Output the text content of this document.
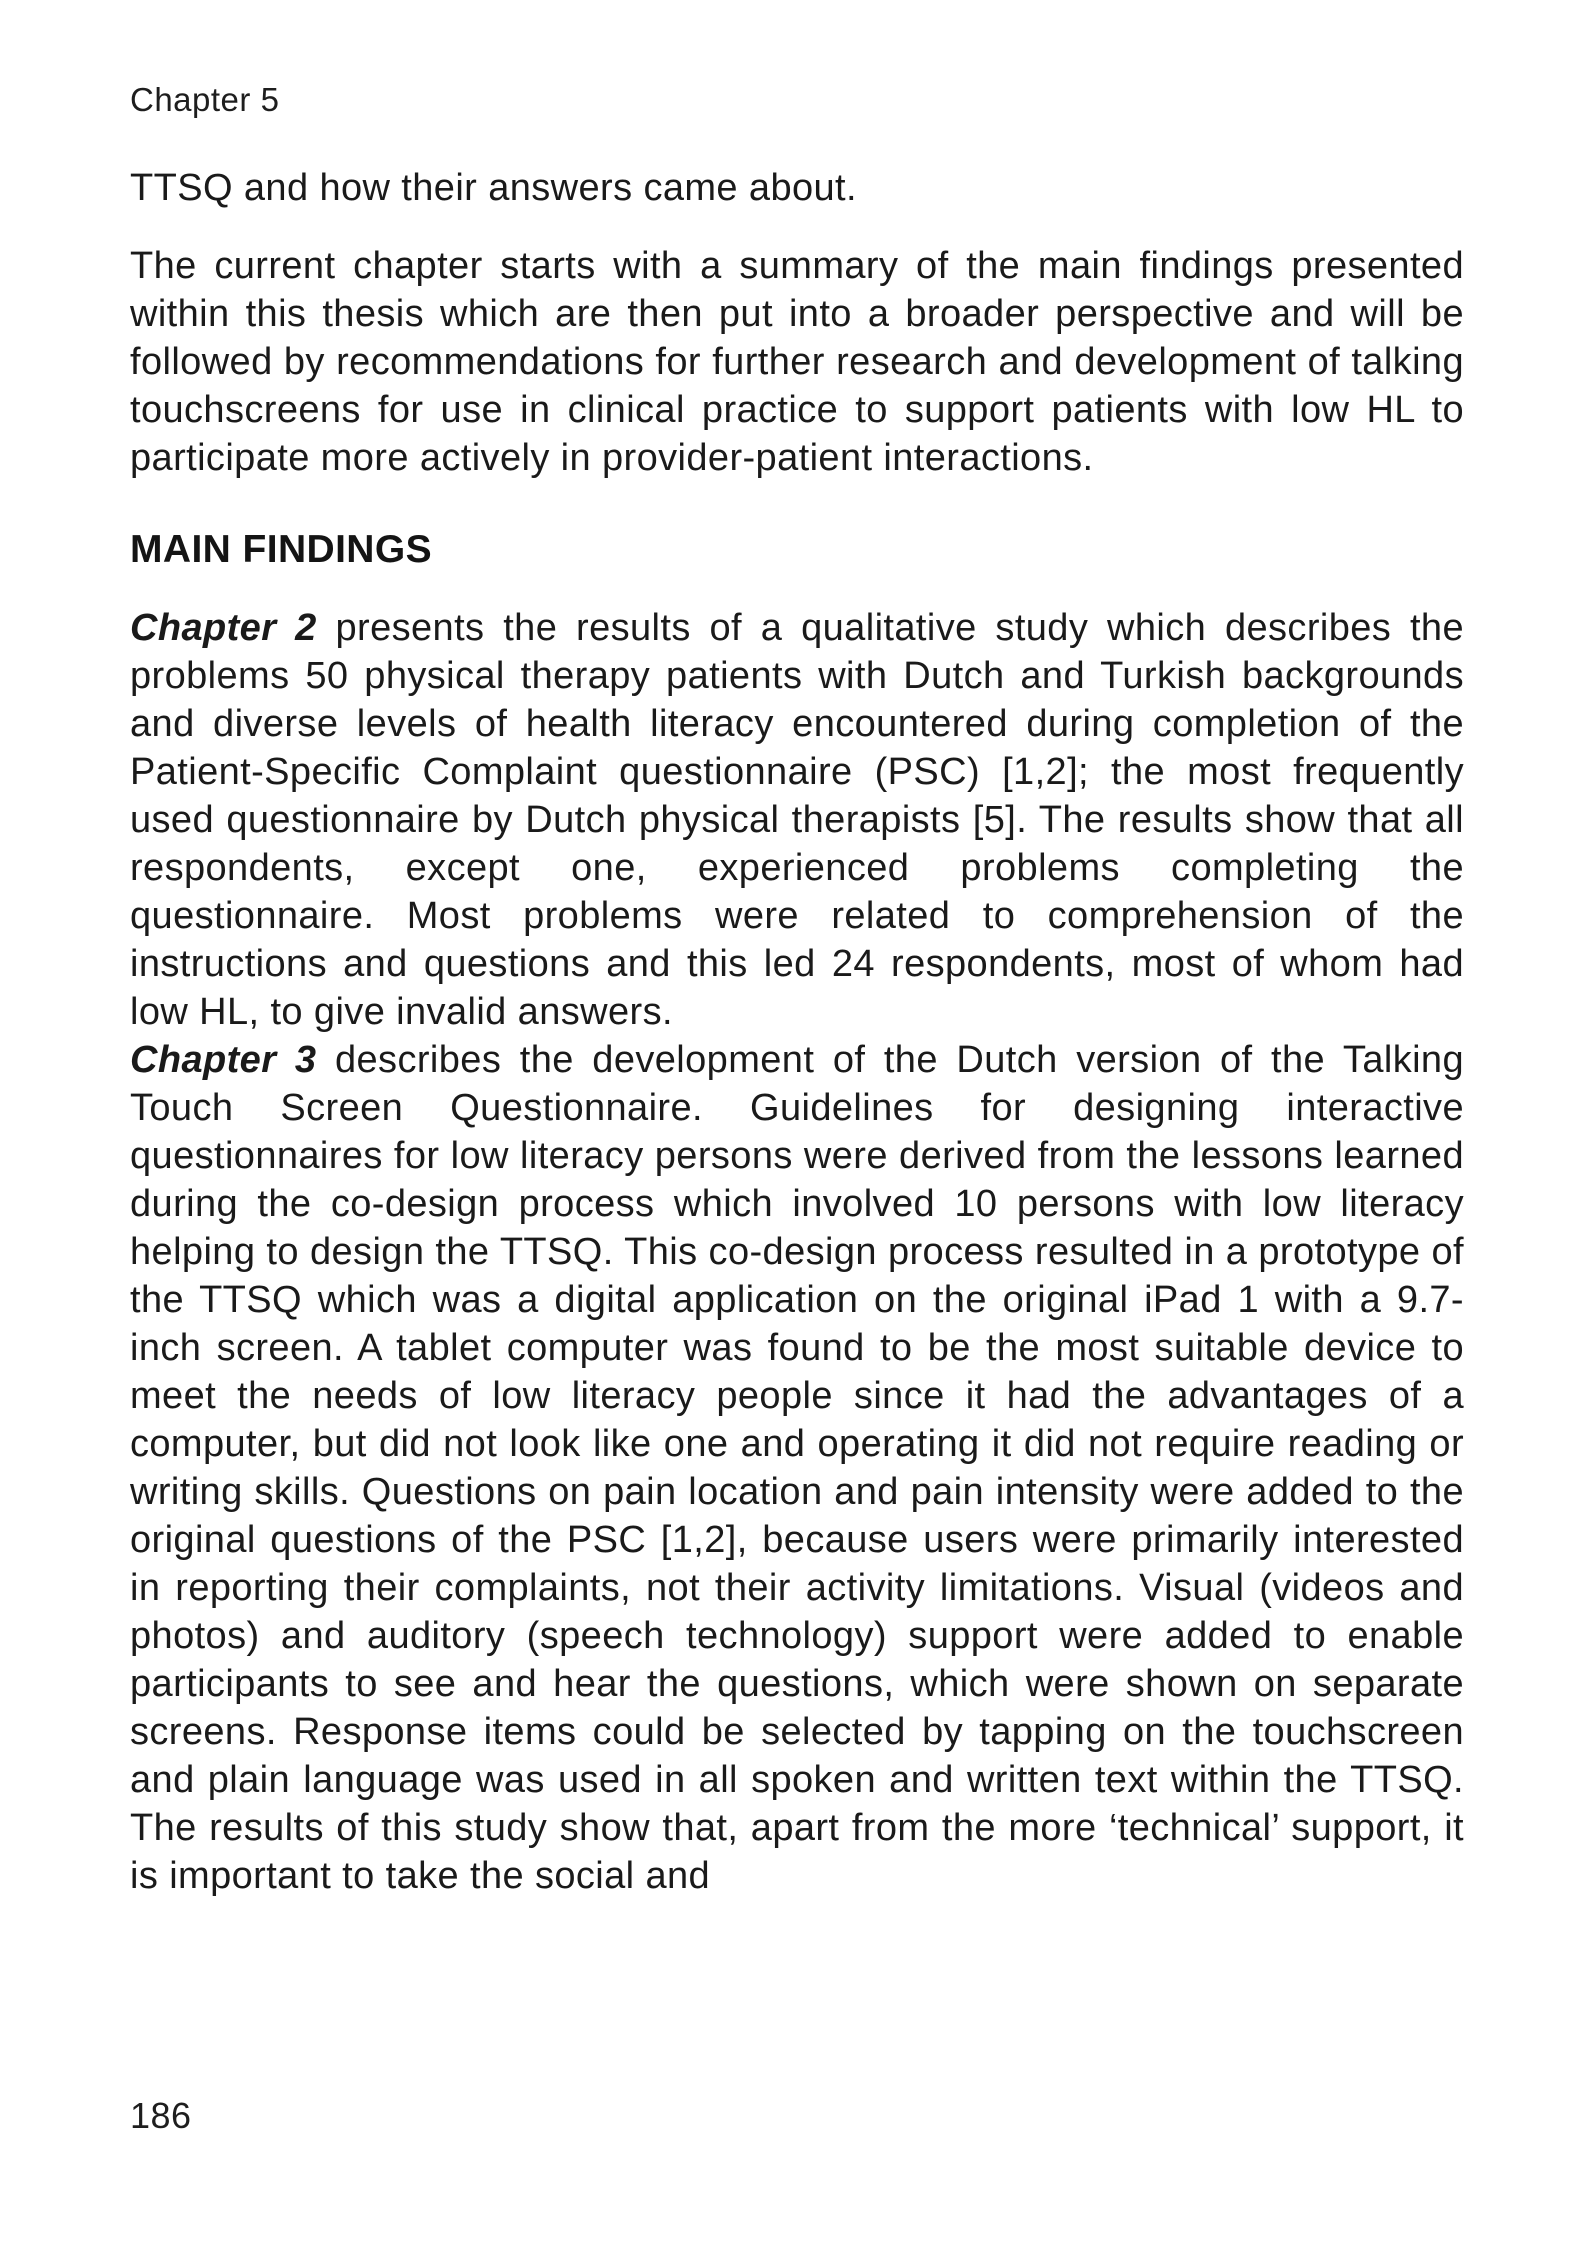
Chapter 5

TTSQ and how their answers came about.

The current chapter starts with a summary of the main findings presented within this thesis which are then put into a broader perspective and will be followed by recommendations for further research and development of talking touchscreens for use in clinical practice to support patients with low HL to participate more actively in provider-patient interactions.

MAIN FINDINGS

Chapter 2 presents the results of a qualitative study which describes the problems 50 physical therapy patients with Dutch and Turkish backgrounds and diverse levels of health literacy encountered during completion of the Patient-Specific Complaint questionnaire (PSC) [1,2]; the most frequently used questionnaire by Dutch physical therapists [5]. The results show that all respondents, except one, experienced problems completing the questionnaire. Most problems were related to comprehension of the instructions and questions and this led 24 respondents, most of whom had low HL, to give invalid answers.

Chapter 3 describes the development of the Dutch version of the Talking Touch Screen Questionnaire. Guidelines for designing interactive questionnaires for low literacy persons were derived from the lessons learned during the co-design process which involved 10 persons with low literacy helping to design the TTSQ. This co-design process resulted in a prototype of the TTSQ which was a digital application on the original iPad 1 with a 9.7-inch screen. A tablet computer was found to be the most suitable device to meet the needs of low literacy people since it had the advantages of a computer, but did not look like one and operating it did not require reading or writing skills. Questions on pain location and pain intensity were added to the original questions of the PSC [1,2], because users were primarily interested in reporting their complaints, not their activity limitations. Visual (videos and photos) and auditory (speech technology) support were added to enable participants to see and hear the questions, which were shown on separate screens. Response items could be selected by tapping on the touchscreen and plain language was used in all spoken and written text within the TTSQ. The results of this study show that, apart from the more ‘technical’ support, it is important to take the social and

186
